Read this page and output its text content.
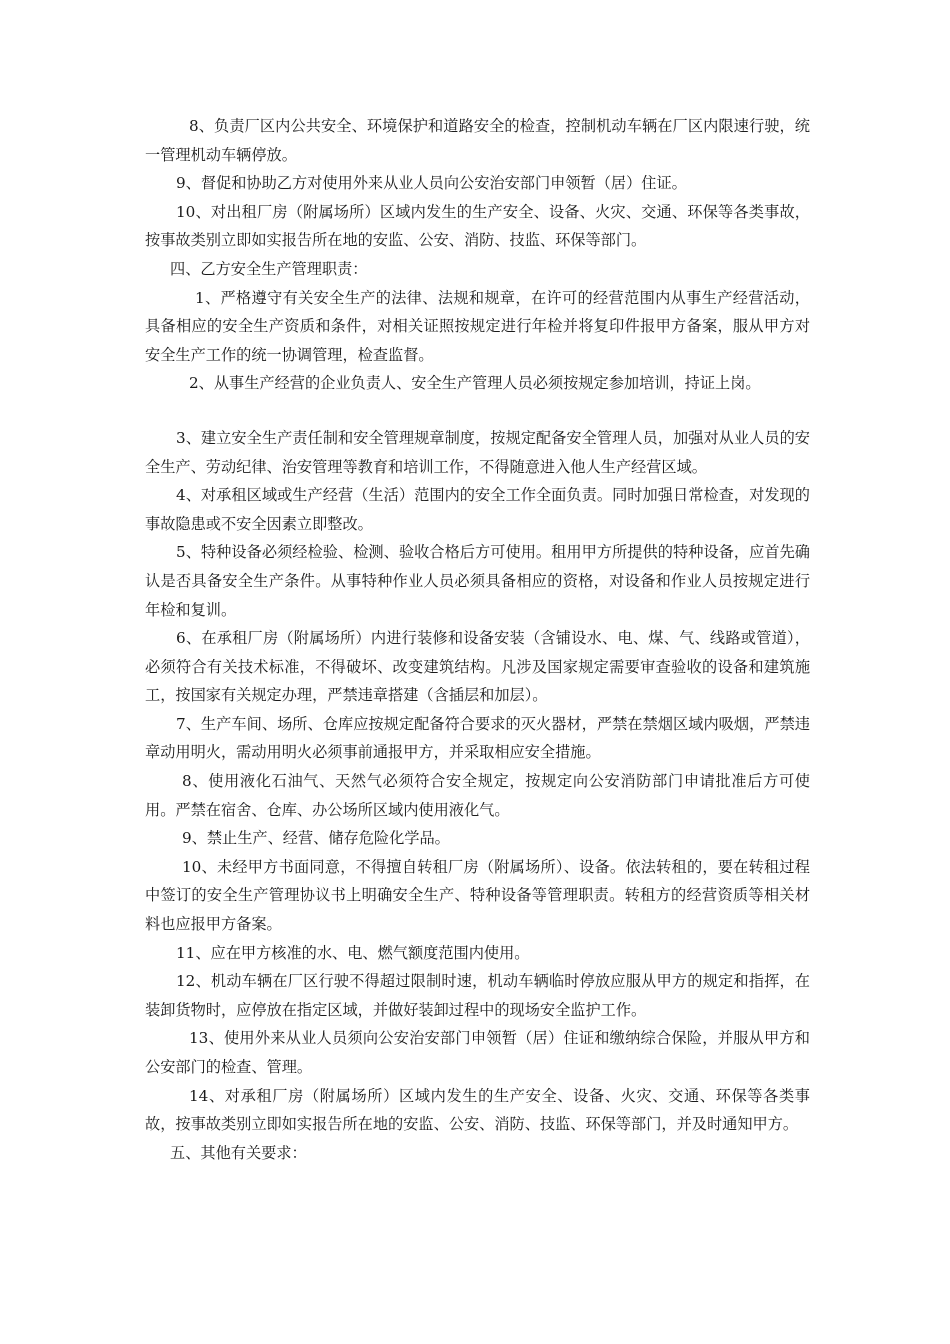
8、负责厂区内公共安全、环境保护和道路安全的检查，控制机动车辆在厂区内限速行驶，统一管理机动车辆停放。

9、督促和协助乙方对使用外来从业人员向公安治安部门申领暂（居）住证。

10、对出租厂房（附属场所）区域内发生的生产安全、设备、火灾、交通、环保等各类事故，按事故类别立即如实报告所在地的安监、公安、消防、技监、环保等部门。

四、乙方安全生产管理职责：

1、严格遵守有关安全生产的法律、法规和规章，在许可的经营范围内从事生产经营活动，具备相应的安全生产资质和条件，对相关证照按规定进行年检并将复印件报甲方备案，服从甲方对安全生产工作的统一协调管理，检查监督。

2、从事生产经营的企业负责人、安全生产管理人员必须按规定参加培训，持证上岗。

3、建立安全生产责任制和安全管理规章制度，按规定配备安全管理人员，加强对从业人员的安全生产、劳动纪律、治安管理等教育和培训工作，不得随意进入他人生产经营区域。

4、对承租区域或生产经营（生活）范围内的安全工作全面负责。同时加强日常检查，对发现的事故隐患或不安全因素立即整改。

5、特种设备必须经检验、检测、验收合格后方可使用。租用甲方所提供的特种设备，应首先确认是否具备安全生产条件。从事特种作业人员必须具备相应的资格，对设备和作业人员按规定进行年检和复训。

6、在承租厂房（附属场所）内进行装修和设备安装（含铺设水、电、煤、气、线路或管道），必须符合有关技术标准，不得破坏、改变建筑结构。凡涉及国家规定需要审查验收的设备和建筑施工，按国家有关规定办理，严禁违章搭建（含插层和加层）。

7、生产车间、场所、仓库应按规定配备符合要求的灭火器材，严禁在禁烟区域内吸烟，严禁违章动用明火，需动用明火必须事前通报甲方，并采取相应安全措施。

8、使用液化石油气、天然气必须符合安全规定，按规定向公安消防部门申请批准后方可使用。严禁在宿舍、仓库、办公场所区域内使用液化气。

9、禁止生产、经营、储存危险化学品。

10、未经甲方书面同意，不得擅自转租厂房（附属场所）、设备。依法转租的，要在转租过程中签订的安全生产管理协议书上明确安全生产、特种设备等管理职责。转租方的经营资质等相关材料也应报甲方备案。

11、应在甲方核准的水、电、燃气额度范围内使用。

12、机动车辆在厂区行驶不得超过限制时速，机动车辆临时停放应服从甲方的规定和指挥，在装卸货物时，应停放在指定区域，并做好装卸过程中的现场安全监护工作。

13、使用外来从业人员须向公安治安部门申领暂（居）住证和缴纳综合保险，并服从甲方和公安部门的检查、管理。

14、对承租厂房（附属场所）区域内发生的生产安全、设备、火灾、交通、环保等各类事故，按事故类别立即如实报告所在地的安监、公安、消防、技监、环保等部门，并及时通知甲方。

五、其他有关要求：
